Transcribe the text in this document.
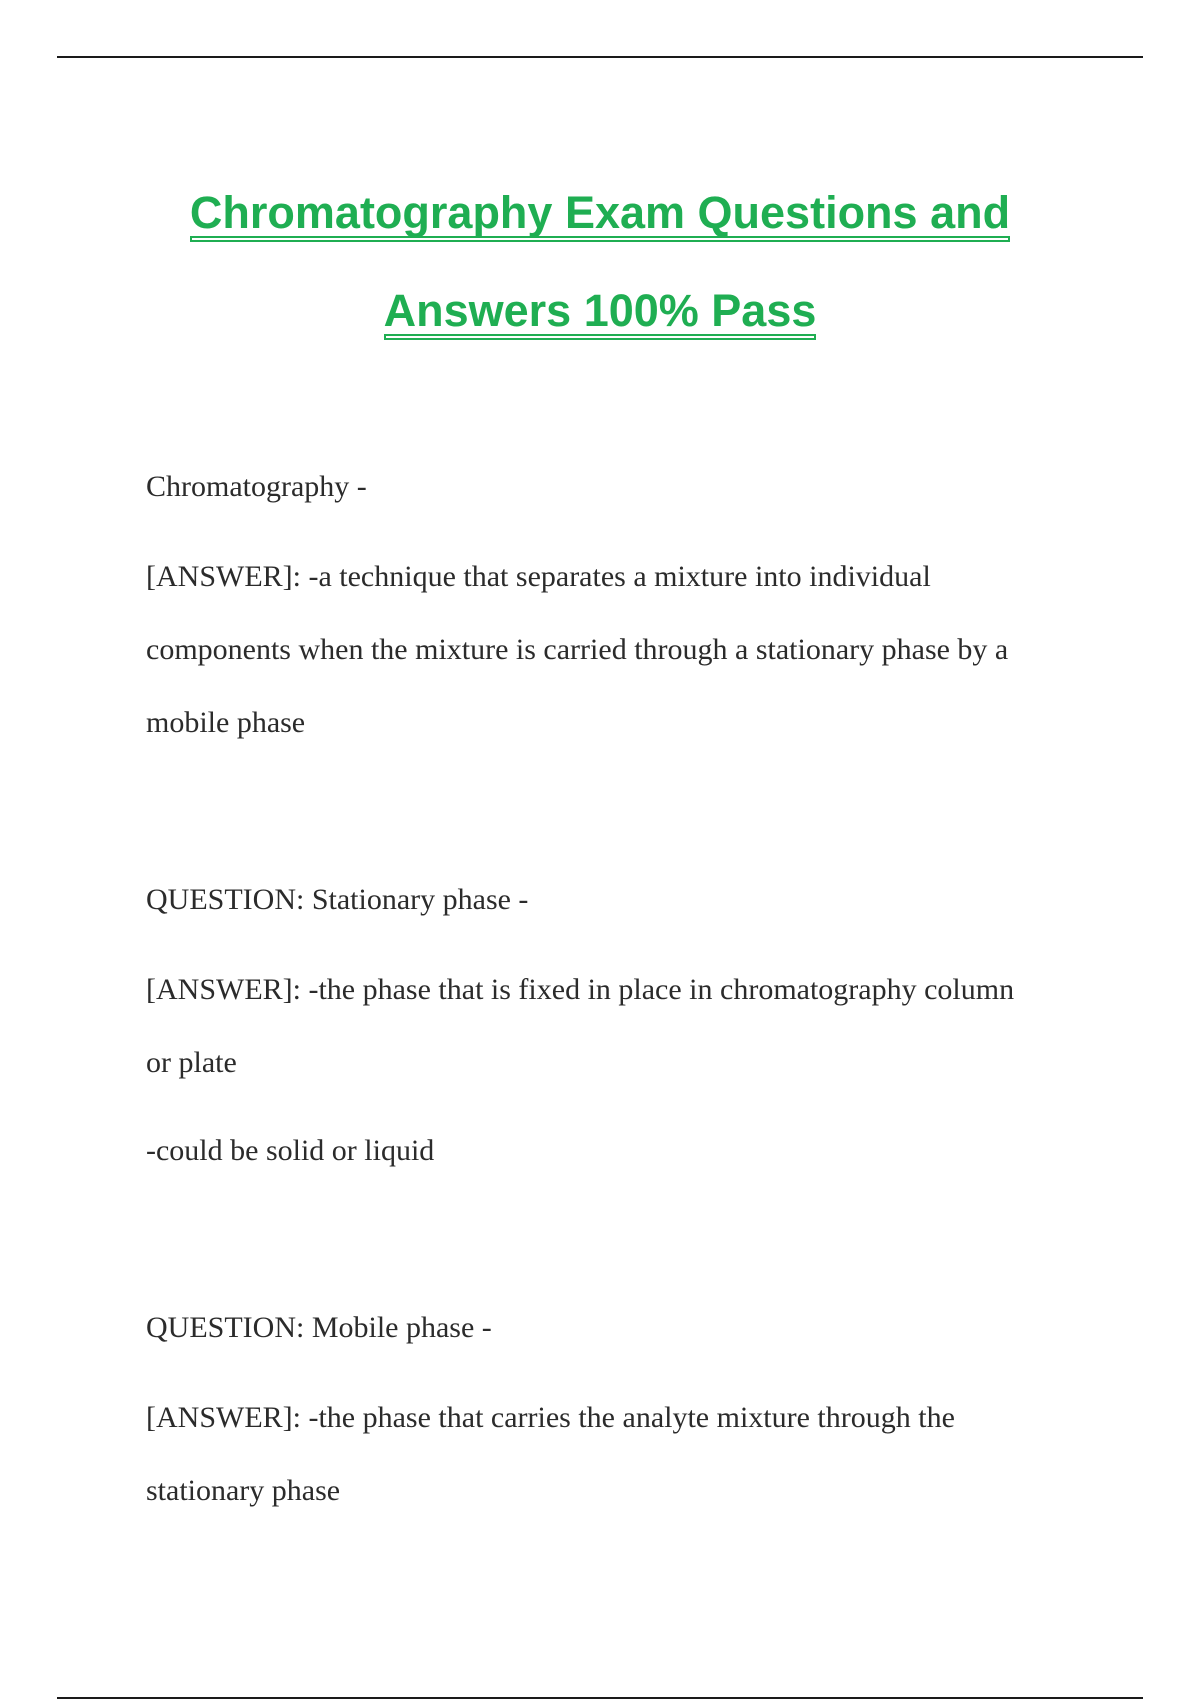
Chromatography Exam Questions and
Answers 100% Pass

Chromatography -

[ANSWER]: -a technique that separates a mixture into individual

components when the mixture is carried through a stationary phase by a

mobile phase

QUESTION: Stationary phase -

[ANSWER]: -the phase that is fixed in place in chromatography column

or plate

-could be solid or liquid

QUESTION: Mobile phase -

[ANSWER]: -the phase that carries the analyte mixture through the

stationary phase
